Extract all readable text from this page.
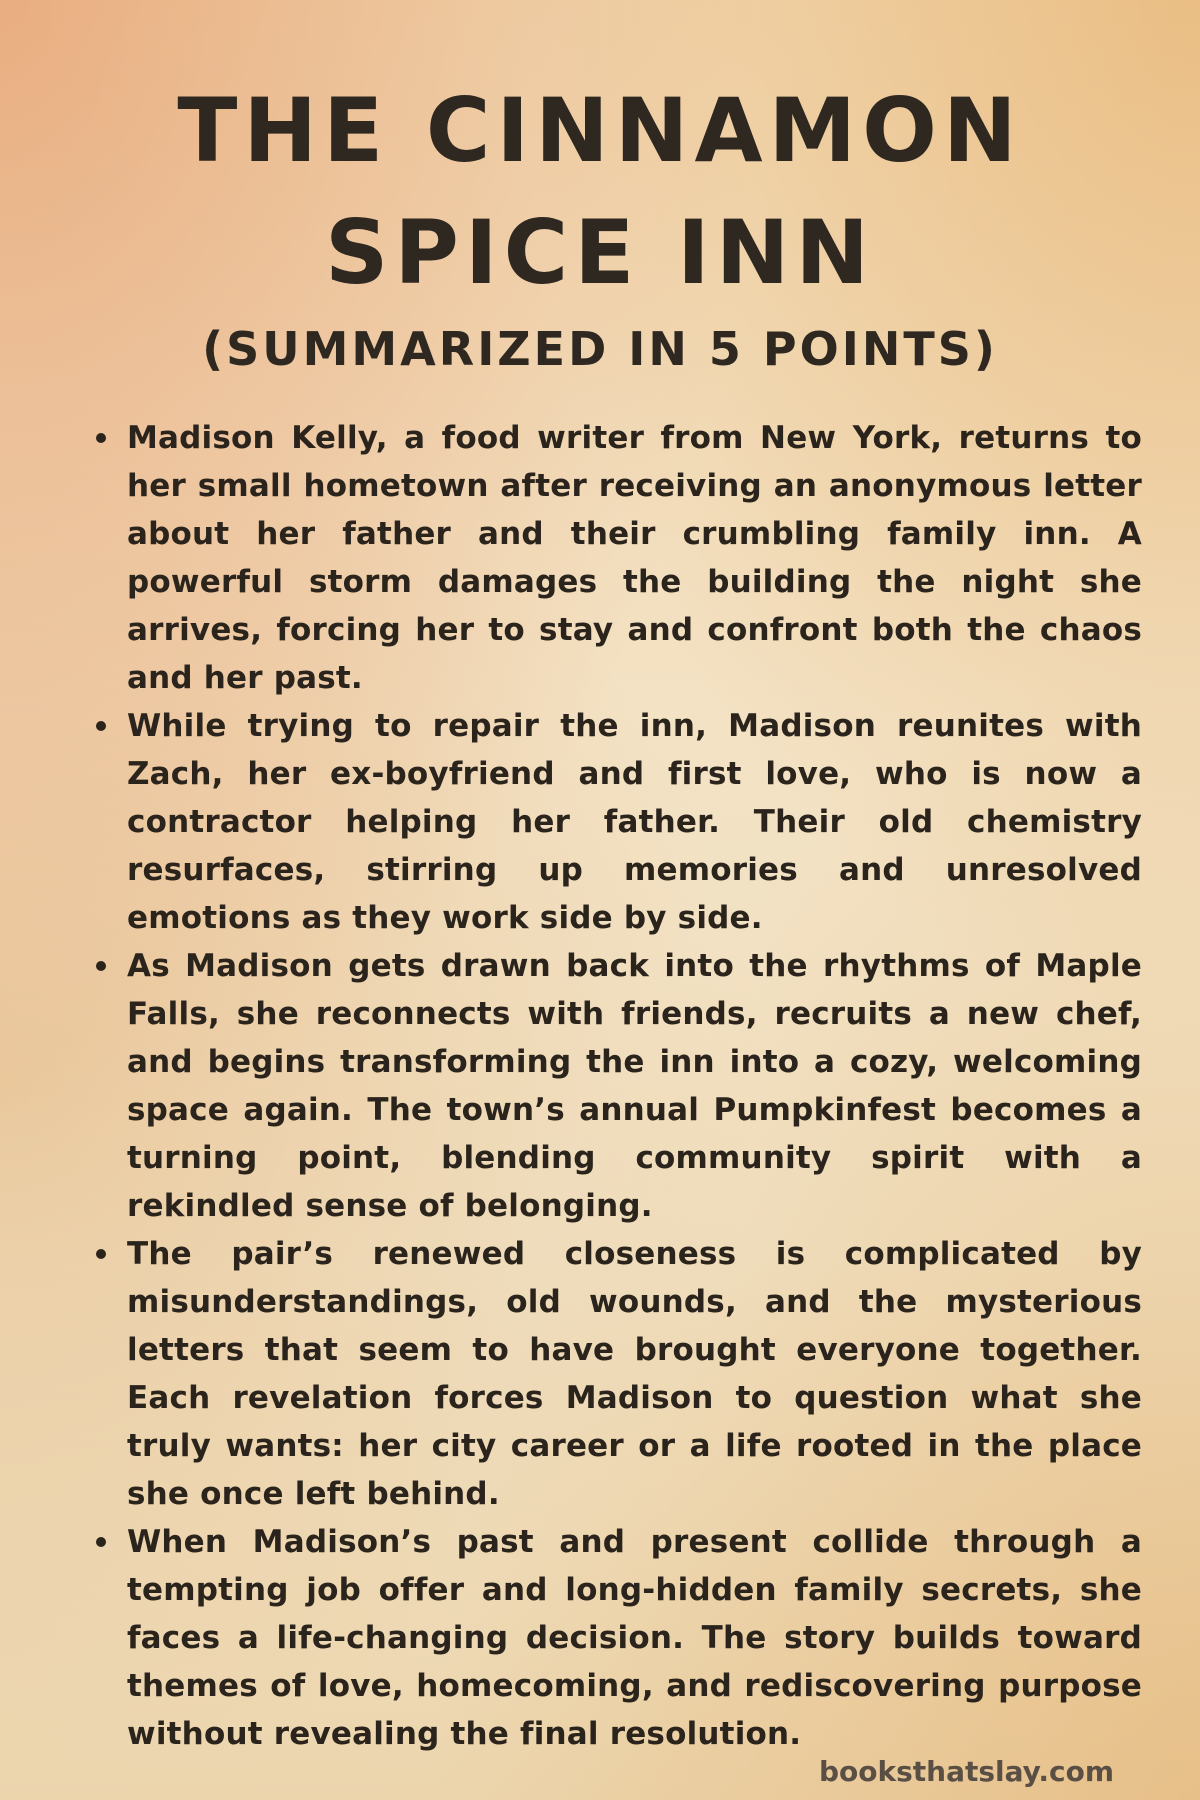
THE CINNAMON
SPICE INN
(SUMMARIZED IN 5 POINTS)
Madison Kelly, a food writer from New York, returns to her small hometown after receiving an anonymous letter about her father and their crumbling family inn. A powerful storm damages the building the night she arrives, forcing her to stay and confront both the chaos and her past.
While trying to repair the inn, Madison reunites with Zach, her ex-boyfriend and first love, who is now a contractor helping her father. Their old chemistry resurfaces, stirring up memories and unresolved emotions as they work side by side.
As Madison gets drawn back into the rhythms of Maple Falls, she reconnects with friends, recruits a new chef, and begins transforming the inn into a cozy, welcoming space again. The town’s annual Pumpkinfest becomes a turning point, blending community spirit with a rekindled sense of belonging.
The pair’s renewed closeness is complicated by misunderstandings, old wounds, and the mysterious letters that seem to have brought everyone together. Each revelation forces Madison to question what she truly wants: her city career or a life rooted in the place she once left behind.
When Madison’s past and present collide through a tempting job offer and long-hidden family secrets, she faces a life-changing decision. The story builds toward themes of love, homecoming, and rediscovering purpose without revealing the final resolution.
booksthatslay.com
